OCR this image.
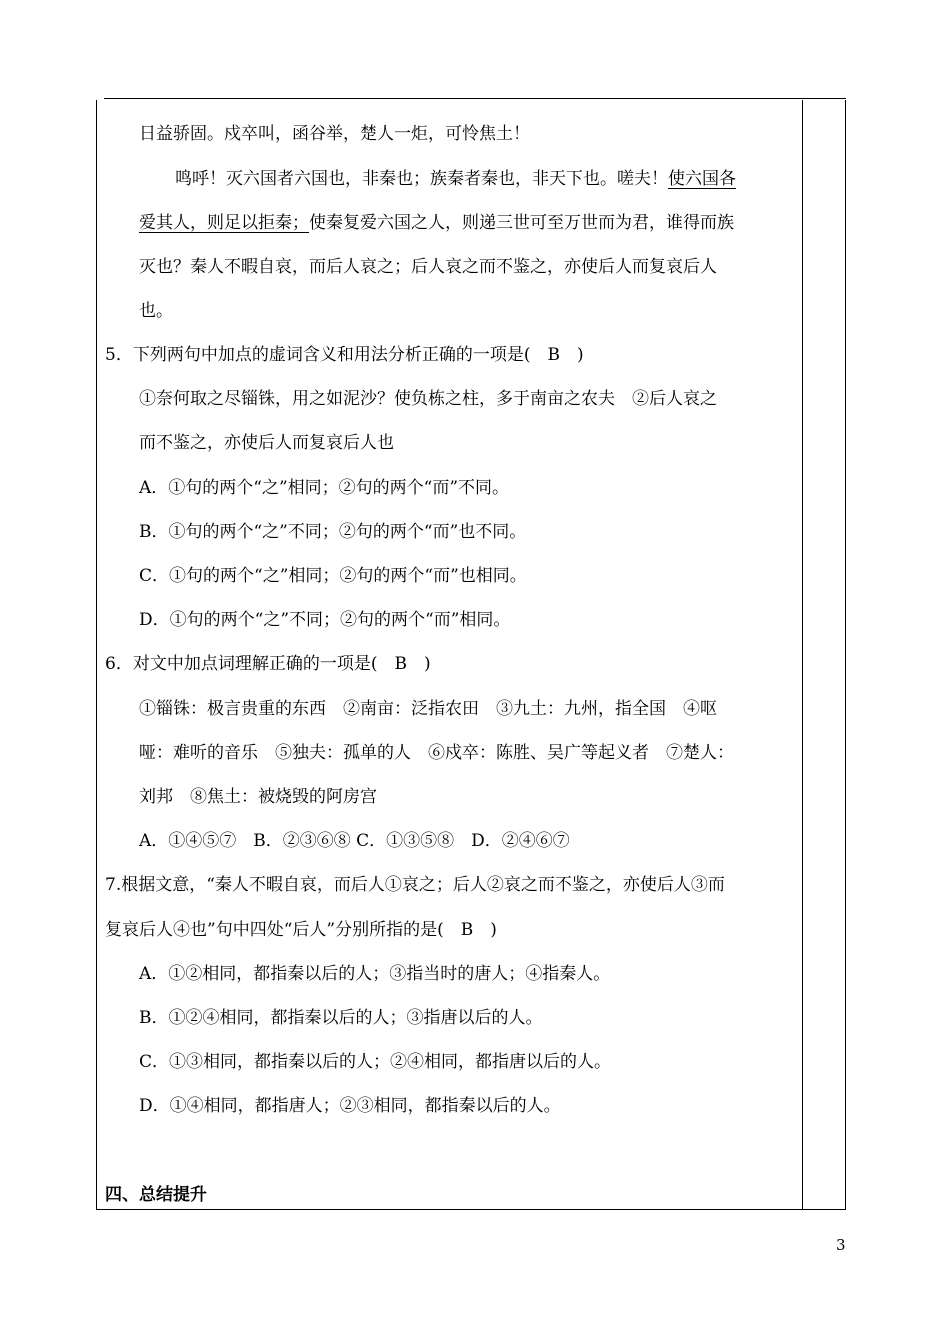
日益骄固。戍卒叫，函谷举，楚人一炬，可怜焦土！
鸣呼！灭六国者六国也，非秦也；族秦者秦也，非天下也。嗟夫！使六国各
爱其人，则足以拒秦；使秦复爱六国之人，则递三世可至万世而为君，谁得而族
灭也？秦人不暇自哀，而后人哀之；后人哀之而不鉴之，亦使后人而复哀后人
也。
5．下列两句中加点的虚词含义和用法分析正确的一项是(　B　)
①奈何取之尽锱铢，用之如泥沙？使负栋之柱，多于南亩之农夫　②后人哀之
而不鉴之，亦使后人而复哀后人也
A．①句的两个“之”相同；②句的两个“而”不同。
B．①句的两个“之”不同；②句的两个“而”也不同。
C．①句的两个“之”相同；②句的两个“而”也相同。
D．①句的两个“之”不同；②句的两个“而”相同。
6．对文中加点词理解正确的一项是(　B　)
①锱铢：极言贵重的东西　②南亩：泛指农田　③九土：九州，指全国　④呕
哑：难听的音乐　⑤独夫：孤单的人　⑥戍卒：陈胜、吴广等起义者　⑦楚人：
刘邦　⑧焦土：被烧毁的阿房宫
A．①④⑤⑦　B．②③⑥⑧ C．①③⑤⑧　D．②④⑥⑦
7.根据文意，“秦人不暇自哀，而后人①哀之；后人②哀之而不鉴之，亦使后人③而
复哀后人④也”句中四处“后人”分别所指的是(　B　)
A．①②相同，都指秦以后的人；③指当时的唐人；④指秦人。
B．①②④相同，都指秦以后的人；③指唐以后的人。
C．①③相同，都指秦以后的人；②④相同，都指唐以后的人。
D．①④相同，都指唐人；②③相同，都指秦以后的人。
四、总结提升
3
